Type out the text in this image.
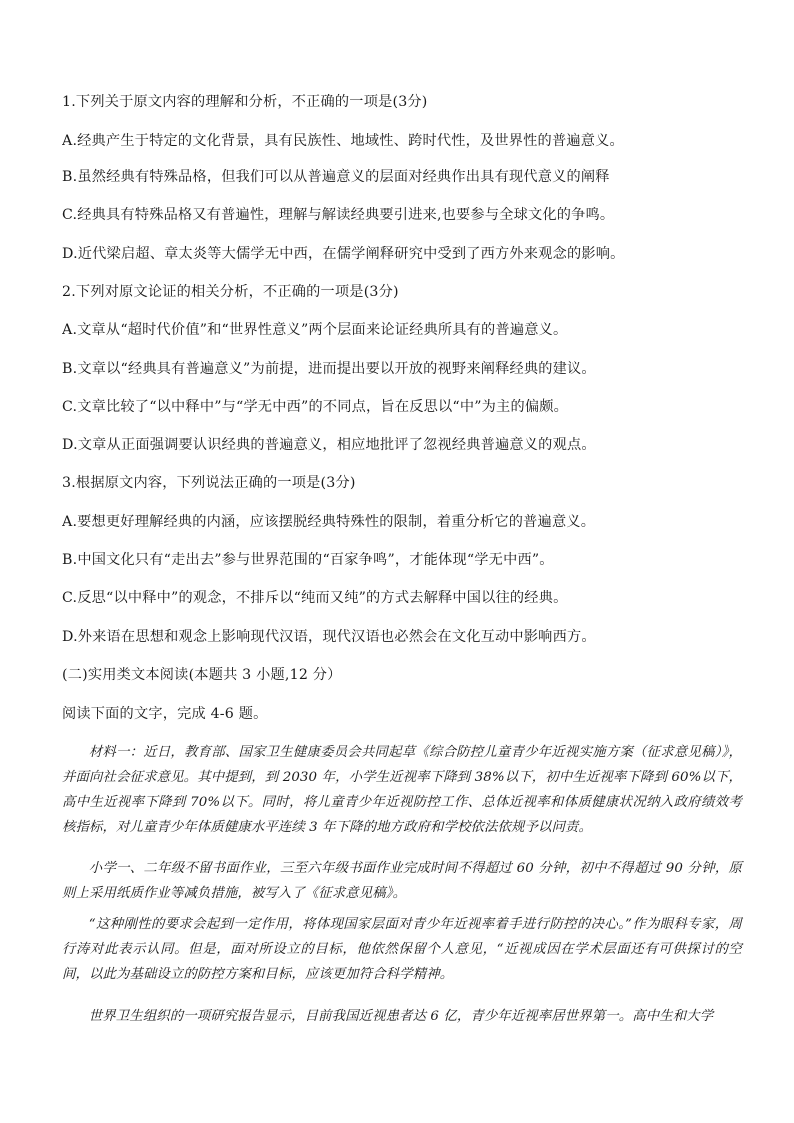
1.下列关于原文内容的理解和分析，不正确的一项是(3分)
A.经典产生于特定的文化背景，具有民族性、地域性、跨时代性，及世界性的普遍意义。
B.虽然经典有特殊品格，但我们可以从普遍意义的层面对经典作出具有现代意义的阐释
C.经典具有特殊品格又有普遍性，理解与解读经典要引进来,也要参与全球文化的争鸣。
D.近代梁启超、章太炎等大儒学无中西，在儒学阐释研究中受到了西方外来观念的影响。
2.下列对原文论证的相关分析，不正确的一项是(3分)
A.文章从“超时代价值”和“世界性意义”两个层面来论证经典所具有的普遍意义。
B.文章以“经典具有普遍意义”为前提，进而提出要以开放的视野来阐释经典的建议。
C.文章比较了“以中释中”与“学无中西”的不同点，旨在反思以“中”为主的偏颇。
D.文章从正面强调要认识经典的普遍意义，相应地批评了忽视经典普遍意义的观点。
3.根据原文内容，下列说法正确的一项是(3分)
A.要想更好理解经典的内涵，应该摆脱经典特殊性的限制，着重分析它的普遍意义。
B.中国文化只有“走出去”参与世界范围的“百家争鸣”，才能体现“学无中西”。
C.反思“以中释中”的观念，不排斥以“纯而又纯”的方式去解释中国以往的经典。
D.外来语在思想和观念上影响现代汉语，现代汉语也必然会在文化互动中影响西方。
(二)实用类文本阅读(本题共 3 小题,12 分）
阅读下面的文字，完成 4-6 题。
材料一：近日，教育部、国家卫生健康委员会共同起草《综合防控儿童青少年近视实施方案（征求意见稿）》，并面向社会征求意见。其中提到，到 2030 年，小学生近视率下降到 38%以下，初中生近视率下降到 60%以下，高中生近视率下降到 70%以下。同时，将儿童青少年近视防控工作、总体近视率和体质健康状况纳入政府绩效考核指标，对儿童青少年体质健康水平连续 3 年下降的地方政府和学校依法依规予以问责。
小学一、二年级不留书面作业，三至六年级书面作业完成时间不得超过 60 分钟，初中不得超过 90 分钟，原则上采用纸质作业等减负措施，被写入了《征求意见稿》。
“这种刚性的要求会起到一定作用，将体现国家层面对青少年近视率着手进行防控的决心。”作为眼科专家，周行涛对此表示认同。但是，面对所设立的目标，他依然保留个人意见，“近视成因在学术层面还有可供探讨的空间，以此为基础设立的防控方案和目标，应该更加符合科学精神。
世界卫生组织的一项研究报告显示，目前我国近视患者达 6 亿，青少年近视率居世界第一。高中生和大学
